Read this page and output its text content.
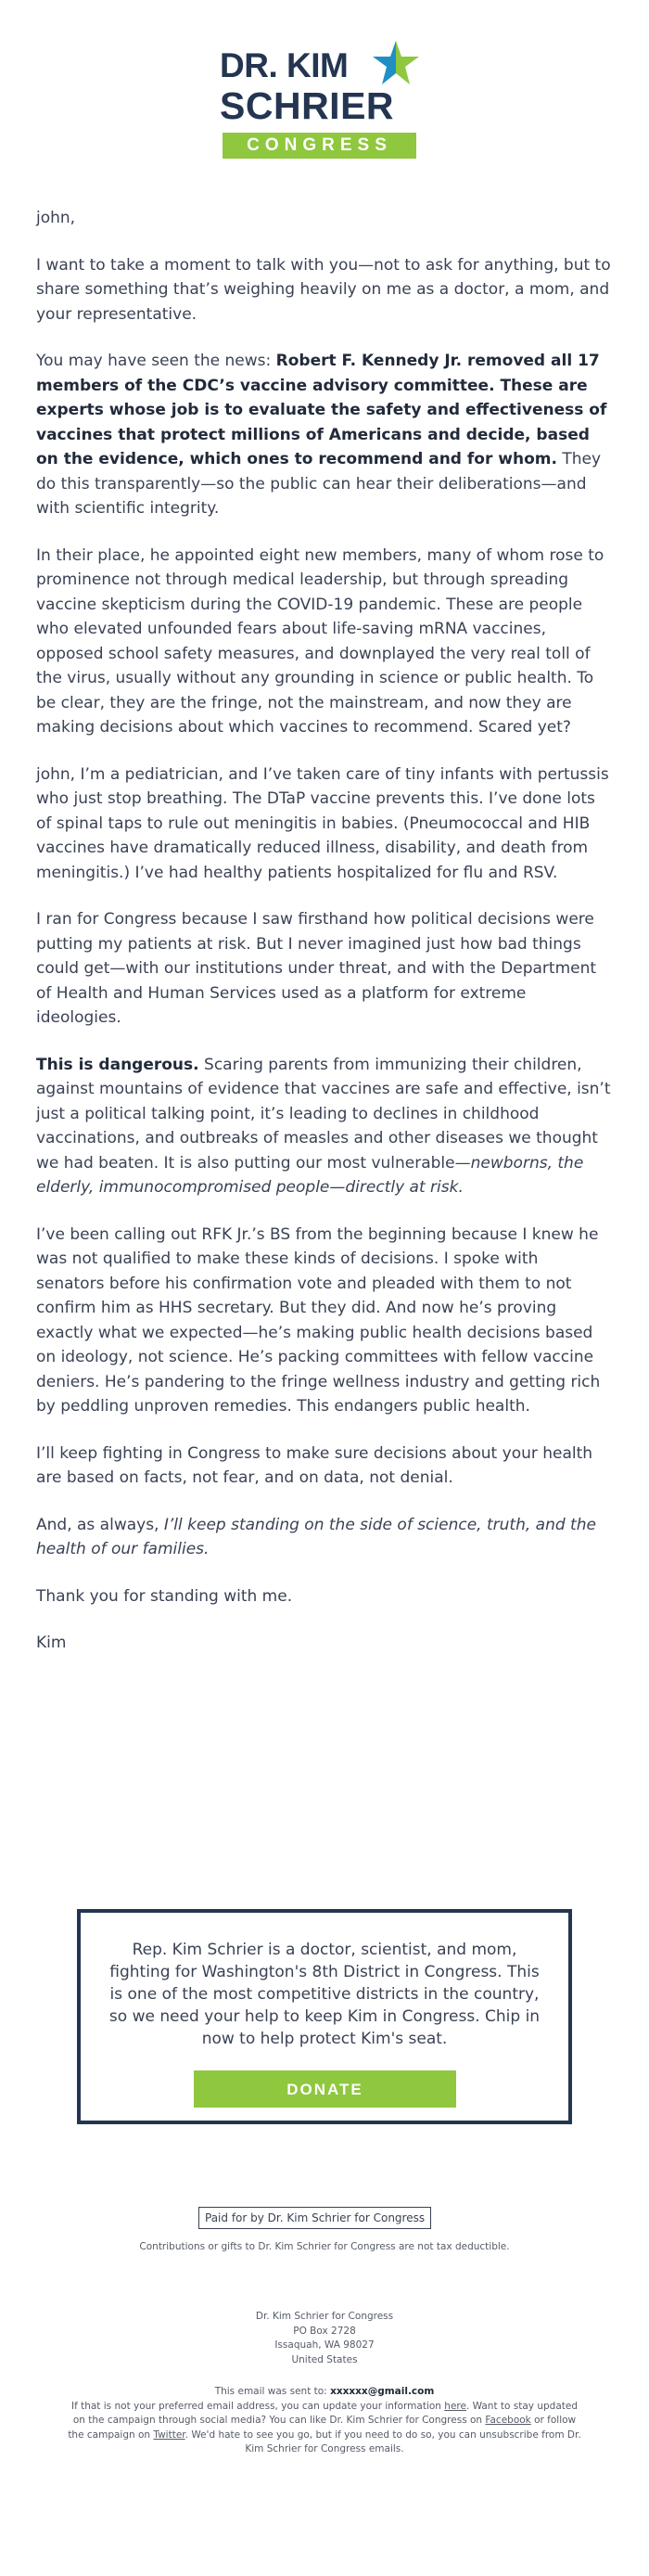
DR. KIM
SCHRIER
CONGRESS

john,

I want to take a moment to talk with you—not to ask for anything, but to share something that’s weighing heavily on me as a doctor, a mom, and your representative.

You may have seen the news: Robert F. Kennedy Jr. removed all 17 members of the CDC’s vaccine advisory committee. These are experts whose job is to evaluate the safety and effectiveness of vaccines that protect millions of Americans and decide, based on the evidence, which ones to recommend and for whom. They do this transparently—so the public can hear their deliberations—and with scientific integrity.

In their place, he appointed eight new members, many of whom rose to prominence not through medical leadership, but through spreading vaccine skepticism during the COVID-19 pandemic. These are people who elevated unfounded fears about life-saving mRNA vaccines, opposed school safety measures, and downplayed the very real toll of the virus, usually without any grounding in science or public health. To be clear, they are the fringe, not the mainstream, and now they are making decisions about which vaccines to recommend. Scared yet?

john, I’m a pediatrician, and I’ve taken care of tiny infants with pertussis who just stop breathing. The DTaP vaccine prevents this. I’ve done lots of spinal taps to rule out meningitis in babies. (Pneumococcal and HIB vaccines have dramatically reduced illness, disability, and death from meningitis.) I’ve had healthy patients hospitalized for flu and RSV.

I ran for Congress because I saw firsthand how political decisions were putting my patients at risk. But I never imagined just how bad things could get—with our institutions under threat, and with the Department of Health and Human Services used as a platform for extreme ideologies.

This is dangerous. Scaring parents from immunizing their children, against mountains of evidence that vaccines are safe and effective, isn’t just a political talking point, it’s leading to declines in childhood vaccinations, and outbreaks of measles and other diseases we thought we had beaten. It is also putting our most vulnerable—newborns, the elderly, immunocompromised people—directly at risk.

I’ve been calling out RFK Jr.’s BS from the beginning because I knew he was not qualified to make these kinds of decisions. I spoke with senators before his confirmation vote and pleaded with them to not confirm him as HHS secretary. But they did. And now he’s proving exactly what we expected—he’s making public health decisions based on ideology, not science. He’s packing committees with fellow vaccine deniers. He’s pandering to the fringe wellness industry and getting rich by peddling unproven remedies. This endangers public health.

I’ll keep fighting in Congress to make sure decisions about your health are based on facts, not fear, and on data, not denial.

And, as always, I’ll keep standing on the side of science, truth, and the health of our families.

Thank you for standing with me.

Kim

Rep. Kim Schrier is a doctor, scientist, and mom, fighting for Washington's 8th District in Congress. This is one of the most competitive districts in the country, so we need your help to keep Kim in Congress. Chip in now to help protect Kim's seat.
DONATE
Paid for by Dr. Kim Schrier for Congress
Contributions or gifts to Dr. Kim Schrier for Congress are not tax deductible.
Dr. Kim Schrier for Congress
PO Box 2728
Issaquah, WA 98027
United States
This email was sent to: xxxxxx@gmail.com
If that is not your preferred email address, you can update your information here. Want to stay updated on the campaign through social media? You can like Dr. Kim Schrier for Congress on Facebook or follow the campaign on Twitter. We'd hate to see you go, but if you need to do so, you can unsubscribe from Dr. Kim Schrier for Congress emails.
